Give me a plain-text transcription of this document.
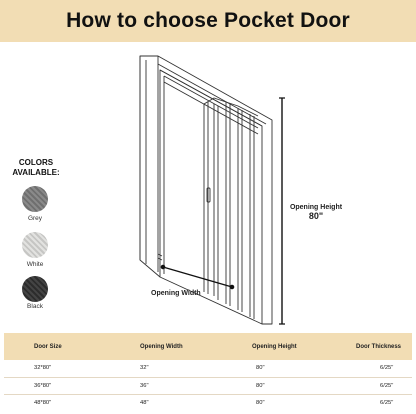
How to choose Pocket Door
COLORS AVAILABLE:
Grey
White
Black
Opening Width
Opening Height
80"
Door Size	Opening Width	Opening Height	Door Thickness
32*80"	32"	80"	6/25"
36*80"	36"	80"	6/25"
48*80"	48"	80"	6/25"
